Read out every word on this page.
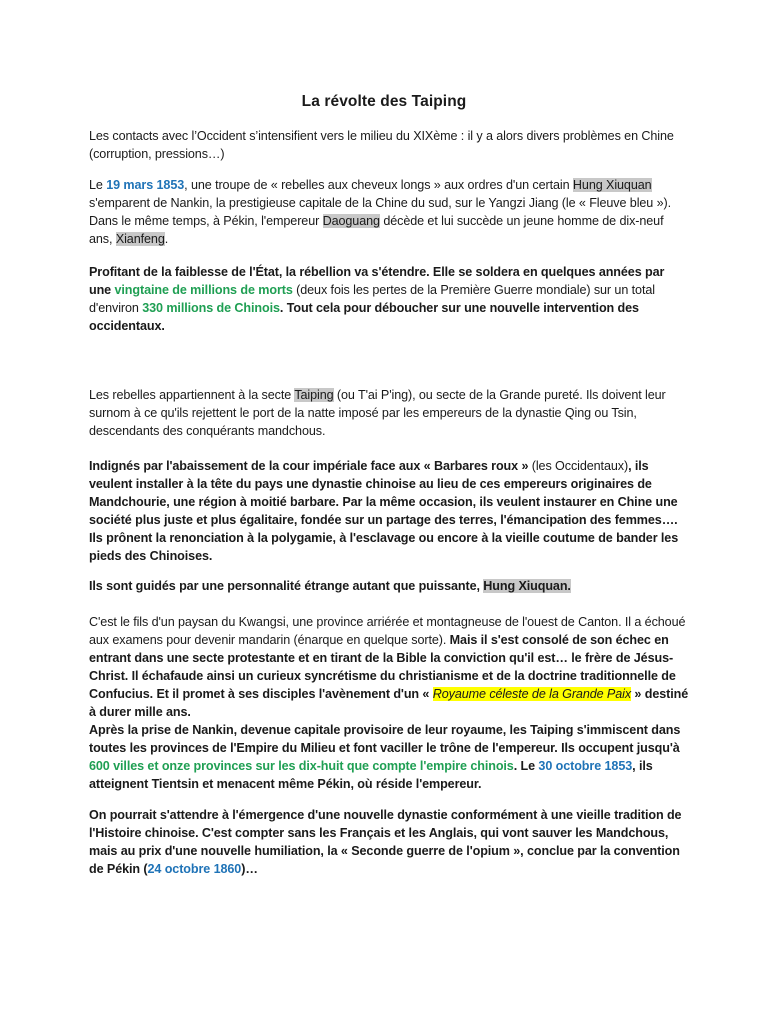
La révolte des Taiping

Les contacts avec l’Occident s’intensifient vers le milieu du XIXème : il y a alors divers problèmes en Chine (corruption, pressions…)

Le 19 mars 1853, une troupe de « rebelles aux cheveux longs » aux ordres d'un certain Hung Xiuquan s'emparent de Nankin, la prestigieuse capitale de la Chine du sud, sur le Yangzi Jiang (le « Fleuve bleu »). Dans le même temps, à Pékin, l'empereur Daoguang décède et lui succède un jeune homme de dix-neuf ans, Xianfeng.

Profitant de la faiblesse de l'État, la rébellion va s'étendre. Elle se soldera en quelques années par une vingtaine de millions de morts (deux fois les pertes de la Première Guerre mondiale) sur un total d'environ 330 millions de Chinois. Tout cela pour déboucher sur une nouvelle intervention des occidentaux.

Les rebelles appartiennent à la secte Taiping (ou T'ai P'ing), ou secte de la Grande pureté. Ils doivent leur surnom à ce qu'ils rejettent le port de la natte imposé par les empereurs de la dynastie Qing ou Tsin, descendants des conquérants mandchous.

Indignés par l'abaissement de la cour impériale face aux « Barbares roux » (les Occidentaux), ils veulent installer à la tête du pays une dynastie chinoise au lieu de ces empereurs originaires de Mandchourie, une région à moitié barbare. Par la même occasion, ils veulent instaurer en Chine une société plus juste et plus égalitaire, fondée sur un partage des terres, l'émancipation des femmes…. Ils prônent la renonciation à la polygamie, à l'esclavage ou encore à la vieille coutume de bander les pieds des Chinoises.

Ils sont guidés par une personnalité étrange autant que puissante, Hung Xiuquan.

C'est le fils d'un paysan du Kwangsi, une province arriérée et montagneuse de l'ouest de Canton. Il a échoué aux examens pour devenir mandarin (énarque en quelque sorte). Mais il s'est consolé de son échec en entrant dans une secte protestante et en tirant de la Bible la conviction qu'il est… le frère de Jésus-Christ. Il échafaude ainsi un curieux syncrétisme du christianisme et de la doctrine traditionnelle de Confucius. Et il promet à ses disciples l'avènement d'un « Royaume céleste de la Grande Paix » destiné à durer mille ans.
Après la prise de Nankin, devenue capitale provisoire de leur royaume, les Taiping s'immiscent dans toutes les provinces de l'Empire du Milieu et font vaciller le trône de l'empereur. Ils occupent jusqu'à 600 villes et onze provinces sur les dix-huit que compte l'empire chinois. Le 30 octobre 1853, ils atteignent Tientsin et menacent même Pékin, où réside l'empereur.

On pourrait s'attendre à l'émergence d'une nouvelle dynastie conformément à une vieille tradition de l'Histoire chinoise. C'est compter sans les Français et les Anglais, qui vont sauver les Mandchous, mais au prix d'une nouvelle humiliation, la « Seconde guerre de l'opium », conclue par la convention de Pékin (24 octobre 1860)…
